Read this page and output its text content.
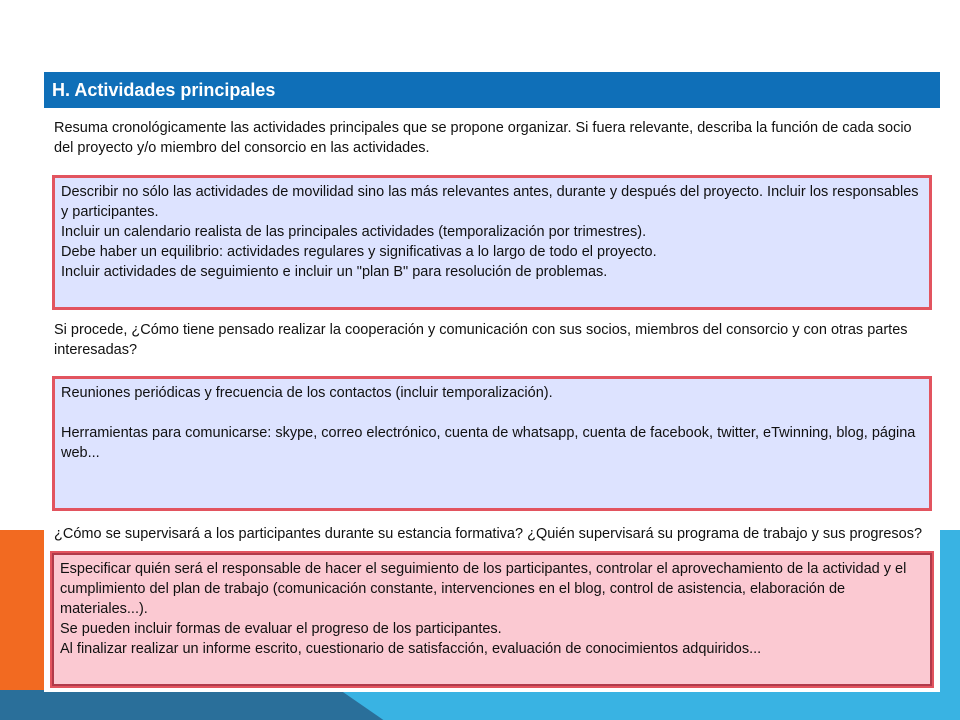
H. Actividades principales
Resuma cronológicamente las actividades principales que se propone organizar. Si fuera relevante, describa la función de cada socio del proyecto y/o miembro del consorcio en las actividades.

Describir no sólo las actividades de movilidad sino las más relevantes antes, durante y después del proyecto. Incluir los responsables y participantes.

Incluir un calendario realista de las principales actividades (temporalización por trimestres).

Debe haber un equilibrio: actividades regulares y significativas a lo largo de todo el proyecto.

Incluir actividades de seguimiento e incluir un "plan B" para resolución de problemas.

Si procede, ¿Cómo tiene pensado realizar la cooperación y comunicación con sus socios, miembros del consorcio y con otras partes interesadas?

Reuniones periódicas y frecuencia de los contactos (incluir temporalización).

Herramientas para comunicarse: skype, correo electrónico, cuenta de whatsapp, cuenta de facebook, twitter, eTwinning, blog, página web...

¿Cómo se supervisará a los participantes durante su estancia formativa? ¿Quién supervisará su programa de trabajo y sus progresos?

Especificar quién será el responsable de hacer el seguimiento de los participantes, controlar el aprovechamiento de la actividad y el cumplimiento del plan de trabajo (comunicación constante, intervenciones en el blog, control de asistencia, elaboración de materiales...).

Se pueden incluir formas de evaluar el progreso de los participantes.

Al finalizar realizar un informe escrito, cuestionario de satisfacción, evaluación de conocimientos adquiridos...
